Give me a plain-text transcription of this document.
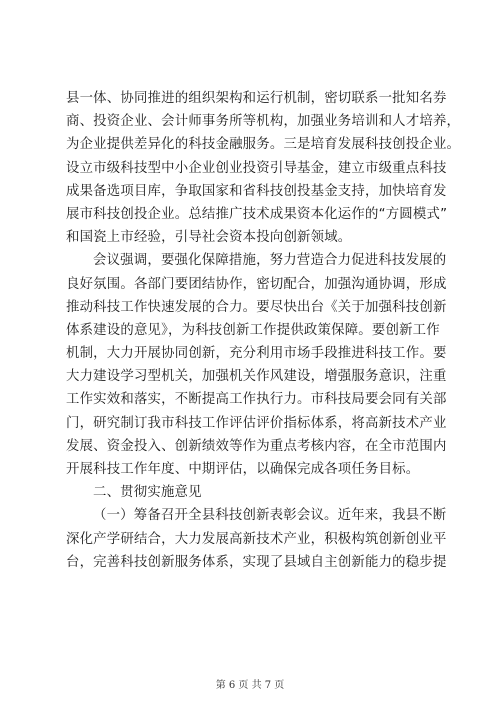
县一体、协同推进的组织架构和运行机制，密切联系一批知名券
商、投资企业、会计师事务所等机构，加强业务培训和人才培养，
为企业提供差异化的科技金融服务。三是培育发展科技创投企业。
设立市级科技型中小企业创业投资引导基金，建立市级重点科技
成果备选项目库，争取国家和省科技创投基金支持，加快培育发
展市科技创投企业。总结推广技术成果资本化运作的“方圆模式”
和国瓷上市经验，引导社会资本投向创新领域。
会议强调，要强化保障措施，努力营造合力促进科技发展的
良好氛围。各部门要团结协作，密切配合，加强沟通协调，形成
推动科技工作快速发展的合力。要尽快出台《关于加强科技创新
体系建设的意见》，为科技创新工作提供政策保障。要创新工作
机制，大力开展协同创新，充分利用市场手段推进科技工作。要
大力建设学习型机关，加强机关作风建设，增强服务意识，注重
工作实效和落实，不断提高工作执行力。市科技局要会同有关部
门，研究制订我市科技工作评估评价指标体系，将高新技术产业
发展、资金投入、创新绩效等作为重点考核内容，在全市范围内
开展科技工作年度、中期评估，以确保完成各项任务目标。
二、贯彻实施意见
（一）筹备召开全县科技创新表彰会议。近年来，我县不断
深化产学研结合，大力发展高新技术产业，积极构筑创新创业平
台，完善科技创新服务体系，实现了县域自主创新能力的稳步提
第 6 页 共 7 页
